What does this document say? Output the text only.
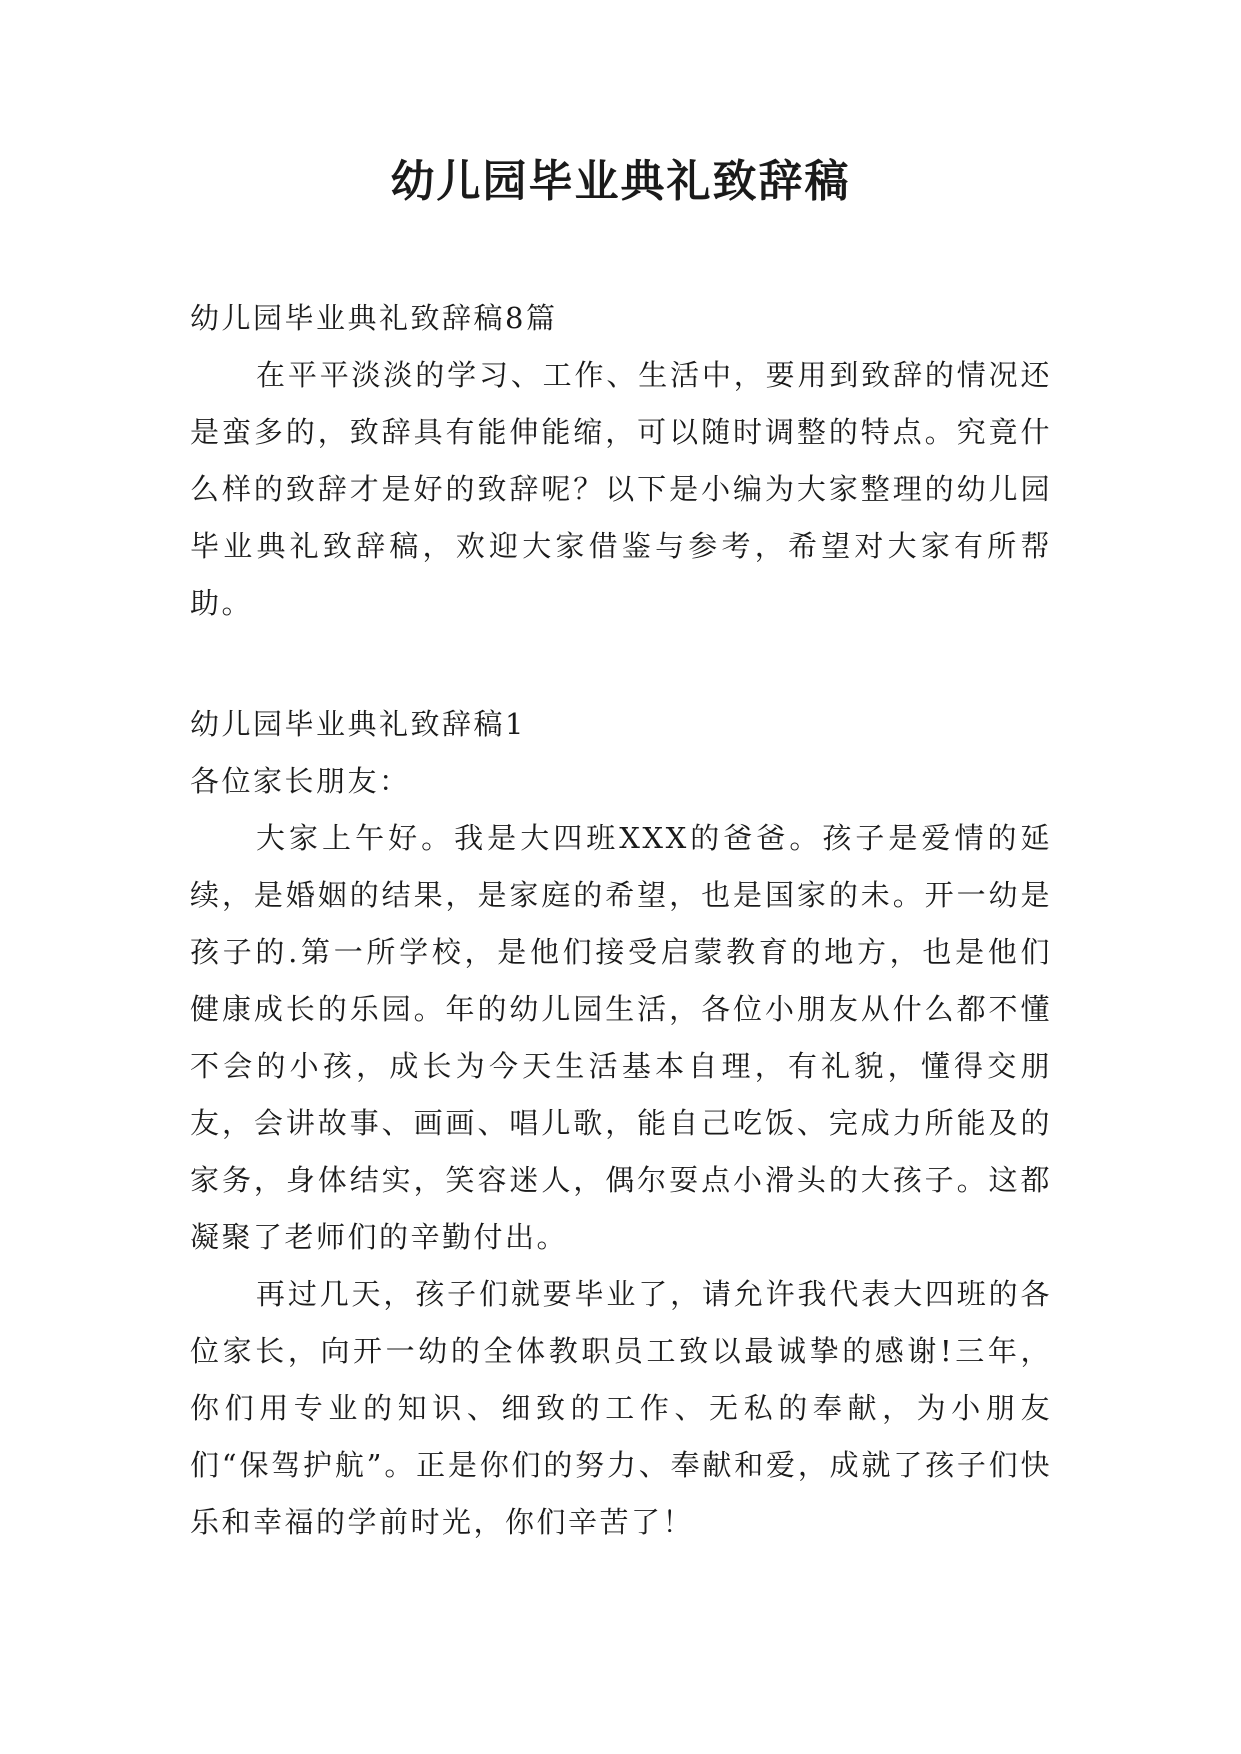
幼儿园毕业典礼致辞稿

幼儿园毕业典礼致辞稿8篇

在平平淡淡的学习、工作、生活中，要用到致辞的情况还是蛮多的，致辞具有能伸能缩，可以随时调整的特点。究竟什么样的致辞才是好的致辞呢？以下是小编为大家整理的幼儿园毕业典礼致辞稿，欢迎大家借鉴与参考，希望对大家有所帮助。

幼儿园毕业典礼致辞稿1

各位家长朋友：

大家上午好。我是大四班XXX的爸爸。孩子是爱情的延续，是婚姻的结果，是家庭的希望，也是国家的未。开一幼是孩子的.第一所学校，是他们接受启蒙教育的地方，也是他们健康成长的乐园。年的幼儿园生活，各位小朋友从什么都不懂不会的小孩，成长为今天生活基本自理，有礼貌，懂得交朋友，会讲故事、画画、唱儿歌，能自己吃饭、完成力所能及的家务，身体结实，笑容迷人，偶尔耍点小滑头的大孩子。这都凝聚了老师们的辛勤付出。

再过几天，孩子们就要毕业了，请允许我代表大四班的各位家长，向开一幼的全体教职员工致以最诚挚的感谢!三年，你们用专业的知识、细致的工作、无私的奉献，为小朋友们“保驾护航”。正是你们的努力、奉献和爱，成就了孩子们快乐和幸福的学前时光，你们辛苦了！
